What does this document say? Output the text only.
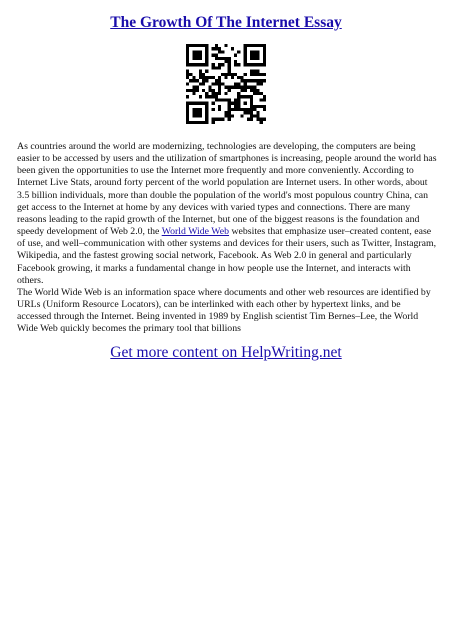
The Growth Of The Internet Essay

As countries around the world are modernizing, technologies are developing, the computers are being easier to be accessed by users and the utilization of smartphones is increasing, people around the world has been given the opportunities to use the Internet more frequently and more conveniently. According to Internet Live Stats, around forty percent of the world population are Internet users. In other words, about 3.5 billion individuals, more than double the population of the world's most populous country China, can get access to the Internet at home by any devices with varied types and connections. There are many reasons leading to the rapid growth of the Internet, but one of the biggest reasons is the foundation and speedy development of Web 2.0, the World Wide Web websites that emphasize user–created content, ease of use, and well–communication with other systems and devices for their users, such as Twitter, Instagram, Wikipedia, and the fastest growing social network, Facebook. As Web 2.0 in general and particularly Facebook growing, it marks a fundamental change in how people use the Internet, and interacts with others.

The World Wide Web is an information space where documents and other web resources are identified by URLs (Uniform Resource Locators), can be interlinked with each other by hypertext links, and be accessed through the Internet. Being invented in 1989 by English scientist Tim Bernes–Lee, the World Wide Web quickly becomes the primary tool that billions

Get more content on HelpWriting.net
